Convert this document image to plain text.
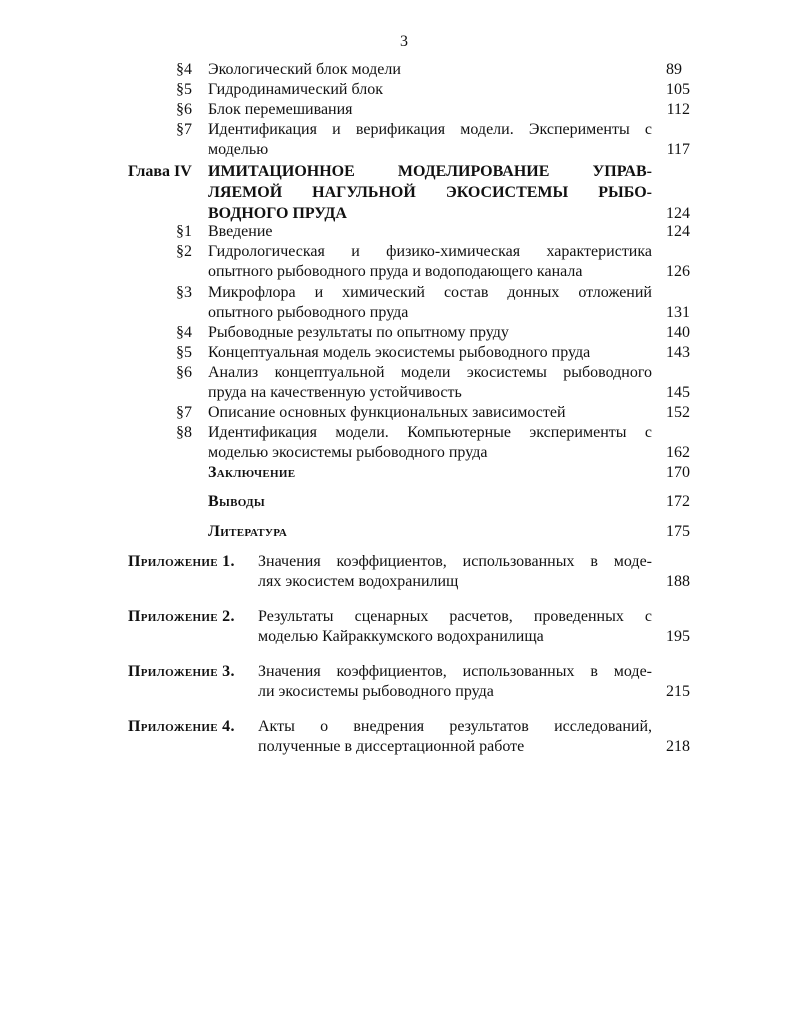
3
§4 Экологический блок модели	89
§5 Гидродинамический блок	105
§6 Блок перемешивания	112
§7 Идентификация и верификация модели. Эксперименты с
моделью	117
Глава IV ИМИТАЦИОННОЕ МОДЕЛИРОВАНИЕ УПРАВ-
ЛЯЕМОЙ НАГУЛЬНОЙ ЭКОСИСТЕМЫ РЫБО-
ВОДНОГО ПРУДА	124
§1 Введение	124
§2 Гидрологическая и физико-химическая характеристика
опытного рыбоводного пруда и водоподающего канала	126
§3 Микрофлора и химический состав донных отложений
опытного рыбоводного пруда	131
§4 Рыбоводные результаты по опытному пруду	140
§5 Концептуальная модель экосистемы рыбоводного пруда	143
§6 Анализ концептуальной модели экосистемы рыбоводного
пруда на качественную устойчивость	145
§7 Описание основных функциональных зависимостей	152
§8 Идентификация модели. Компьютерные эксперименты с
моделью экосистемы рыбоводного пруда	162
Заключение	170
Выводы	172
Литература	175
Приложение 1. Значения коэффициентов, использованных в моде-
лях экосистем водохранилищ	188
Приложение 2. Результаты сценарных расчетов, проведенных с
моделью Кайраккумского водохранилища	195
Приложение 3. Значения коэффициентов, использованных в моде-
ли экосистемы рыбоводного пруда	215
Приложение 4. Акты о внедрения результатов исследований,
полученные в диссертационной работе	218
